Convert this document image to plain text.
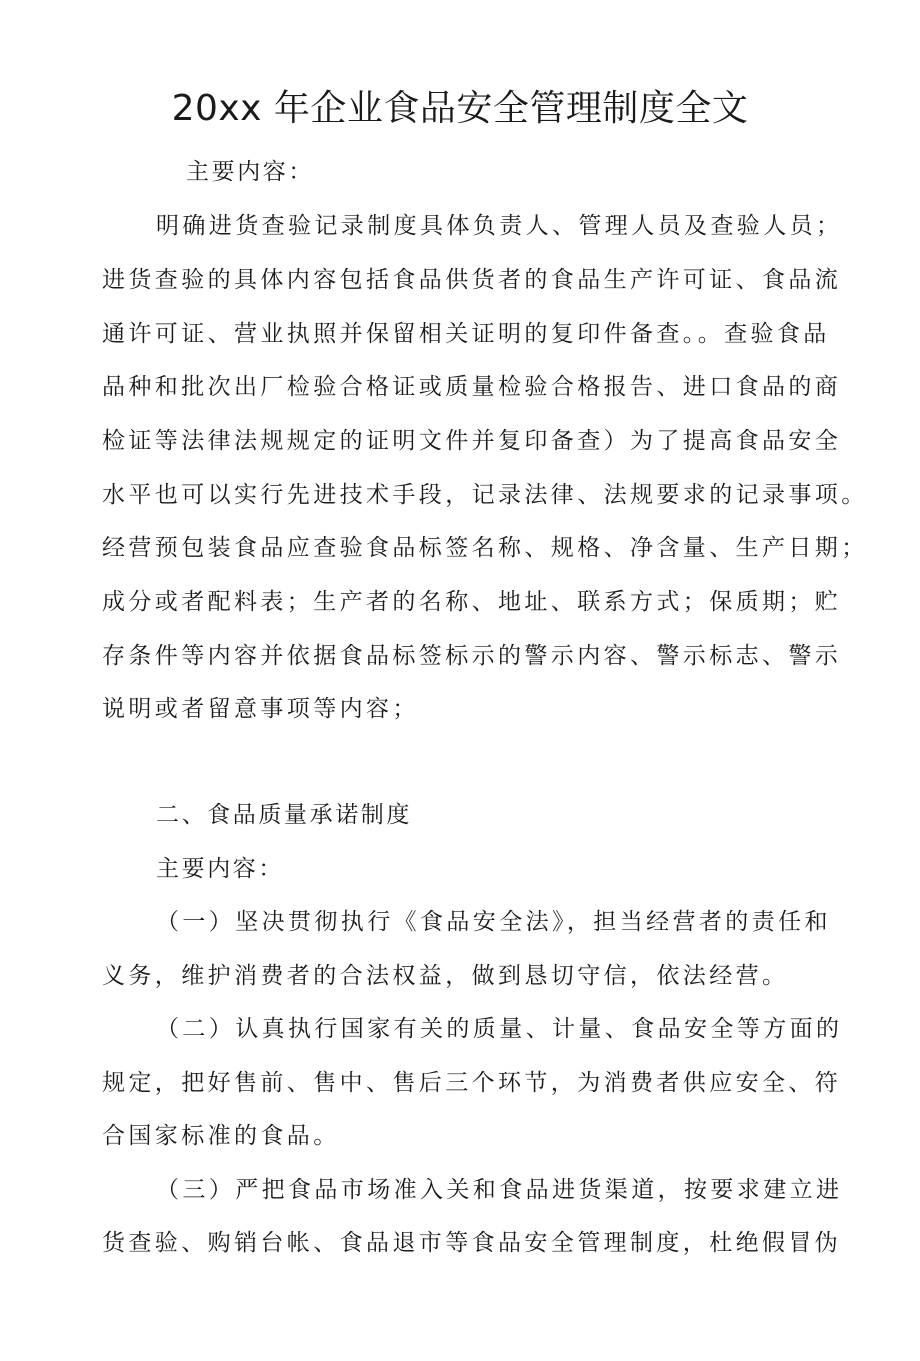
20xx 年企业食品安全管理制度全文

主要内容：

明确进货查验记录制度具体负责人、管理人员及查验人员；

进货查验的具体内容包括食品供货者的食品生产许可证、食品流

通许可证、营业执照并保留相关证明的复印件备查。。查验食品

品种和批次出厂检验合格证或质量检验合格报告、进口食品的商

检证等法律法规规定的证明文件并复印备查）为了提高食品安全

水平也可以实行先进技术手段，记录法律、法规要求的记录事项。

经营预包装食品应查验食品标签名称、规格、净含量、生产日期；

成分或者配料表；生产者的名称、地址、联系方式；保质期；贮

存条件等内容并依据食品标签标示的警示内容、警示标志、警示

说明或者留意事项等内容；

二、食品质量承诺制度

主要内容：

（一）坚决贯彻执行《食品安全法》，担当经营者的责任和

义务，维护消费者的合法权益，做到恳切守信，依法经营。

（二）认真执行国家有关的质量、计量、食品安全等方面的

规定，把好售前、售中、售后三个环节，为消费者供应安全、符

合国家标准的食品。

（三）严把食品市场准入关和食品进货渠道，按要求建立进

货查验、购销台帐、食品退市等食品安全管理制度，杜绝假冒伪
